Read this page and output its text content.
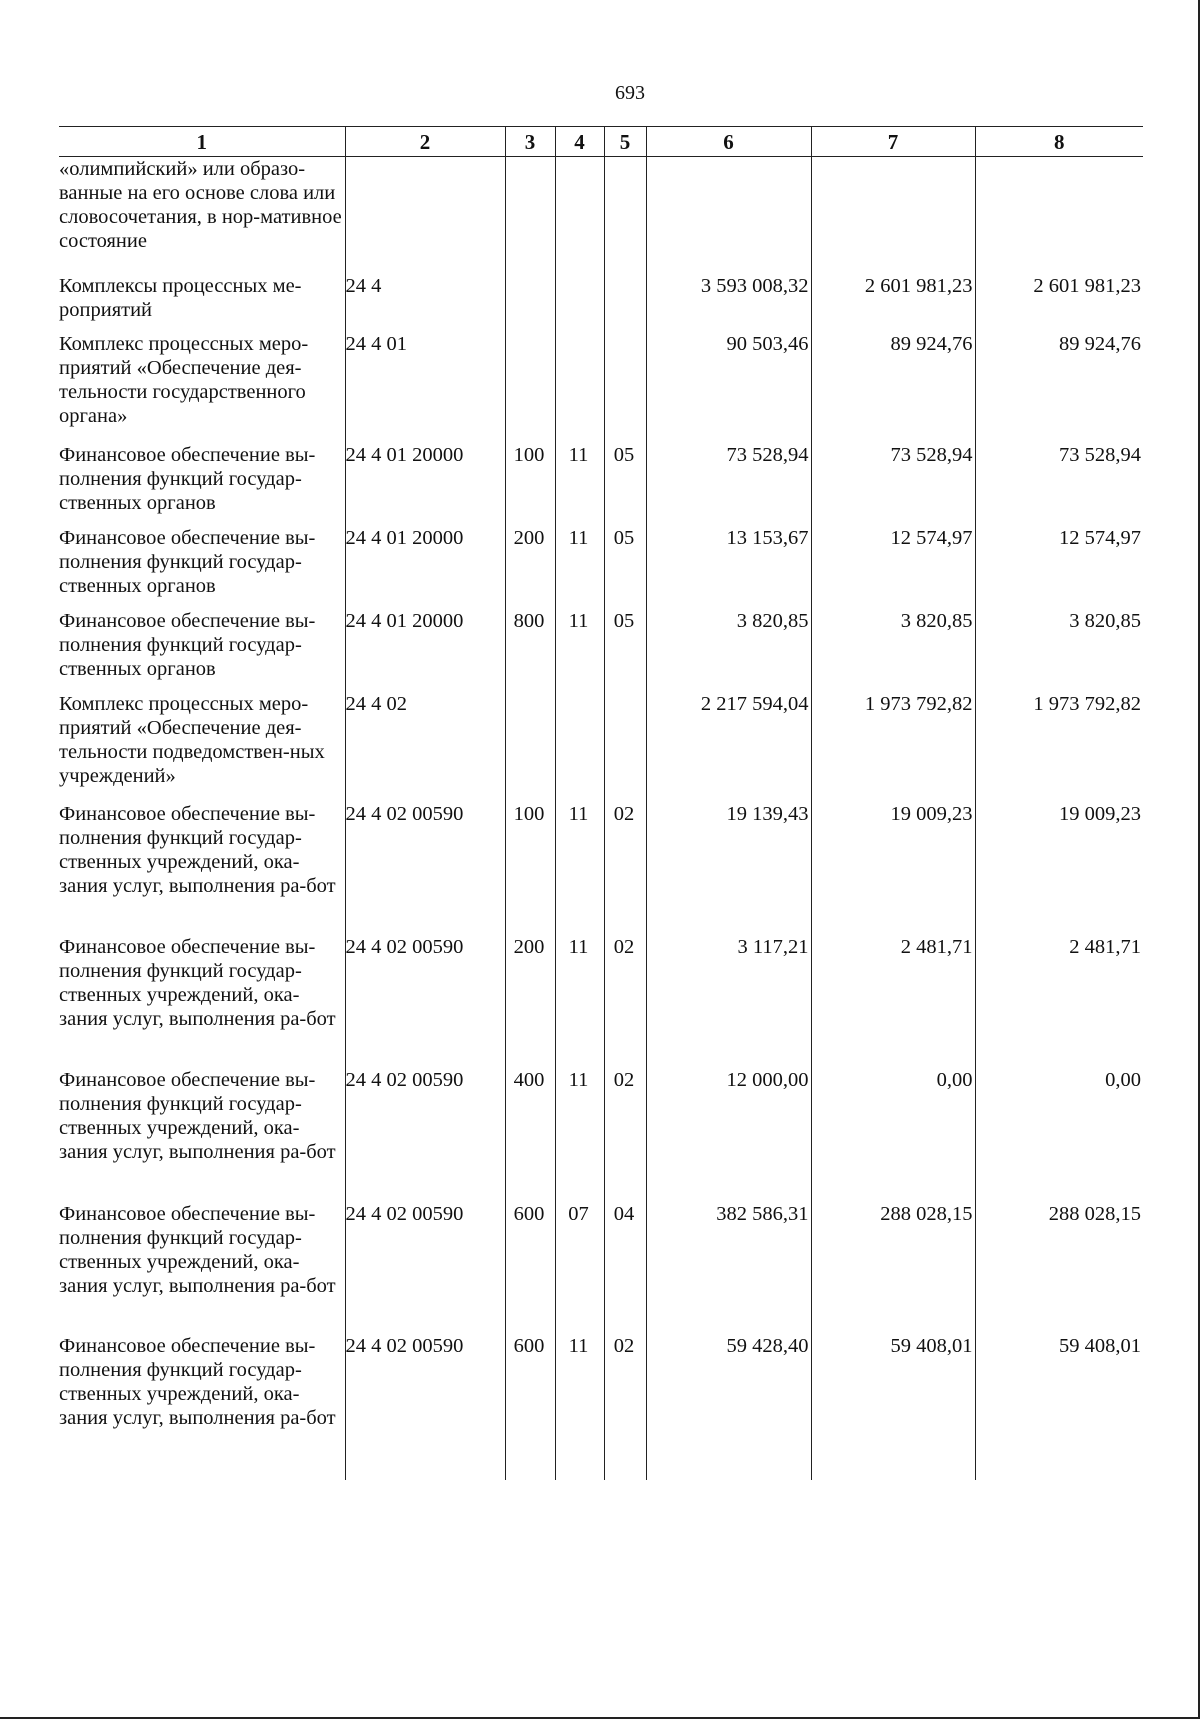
693
1	2	3	4	5	6	7	8
«олимпийский» или образо-ванные на его основе слова или словосочетания, в нор-мативное состояние							
Комплексы процессных ме-роприятий	24 4				3 593 008,32	2 601 981,23	2 601 981,23
Комплекс процессных меро-приятий «Обеспечение дея-тельности государственного органа»	24 4 01				90 503,46	89 924,76	89 924,76
Финансовое обеспечение вы-полнения функций государ-ственных органов	24 4 01 20000	100	11	05	73 528,94	73 528,94	73 528,94
Финансовое обеспечение вы-полнения функций государ-ственных органов	24 4 01 20000	200	11	05	13 153,67	12 574,97	12 574,97
Финансовое обеспечение вы-полнения функций государ-ственных органов	24 4 01 20000	800	11	05	3 820,85	3 820,85	3 820,85
Комплекс процессных меро-приятий «Обеспечение дея-тельности подведомствен-ных учреждений»	24 4 02				2 217 594,04	1 973 792,82	1 973 792,82
Финансовое обеспечение вы-полнения функций государ-ственных учреждений, ока-зания услуг, выполнения ра-бот	24 4 02 00590	100	11	02	19 139,43	19 009,23	19 009,23
Финансовое обеспечение вы-полнения функций государ-ственных учреждений, ока-зания услуг, выполнения ра-бот	24 4 02 00590	200	11	02	3 117,21	2 481,71	2 481,71
Финансовое обеспечение вы-полнения функций государ-ственных учреждений, ока-зания услуг, выполнения ра-бот	24 4 02 00590	400	11	02	12 000,00	0,00	0,00
Финансовое обеспечение вы-полнения функций государ-ственных учреждений, ока-зания услуг, выполнения ра-бот	24 4 02 00590	600	07	04	382 586,31	288 028,15	288 028,15
Финансовое обеспечение вы-полнения функций государ-ственных учреждений, ока-зания услуг, выполнения ра-бот	24 4 02 00590	600	11	02	59 428,40	59 408,01	59 408,01
